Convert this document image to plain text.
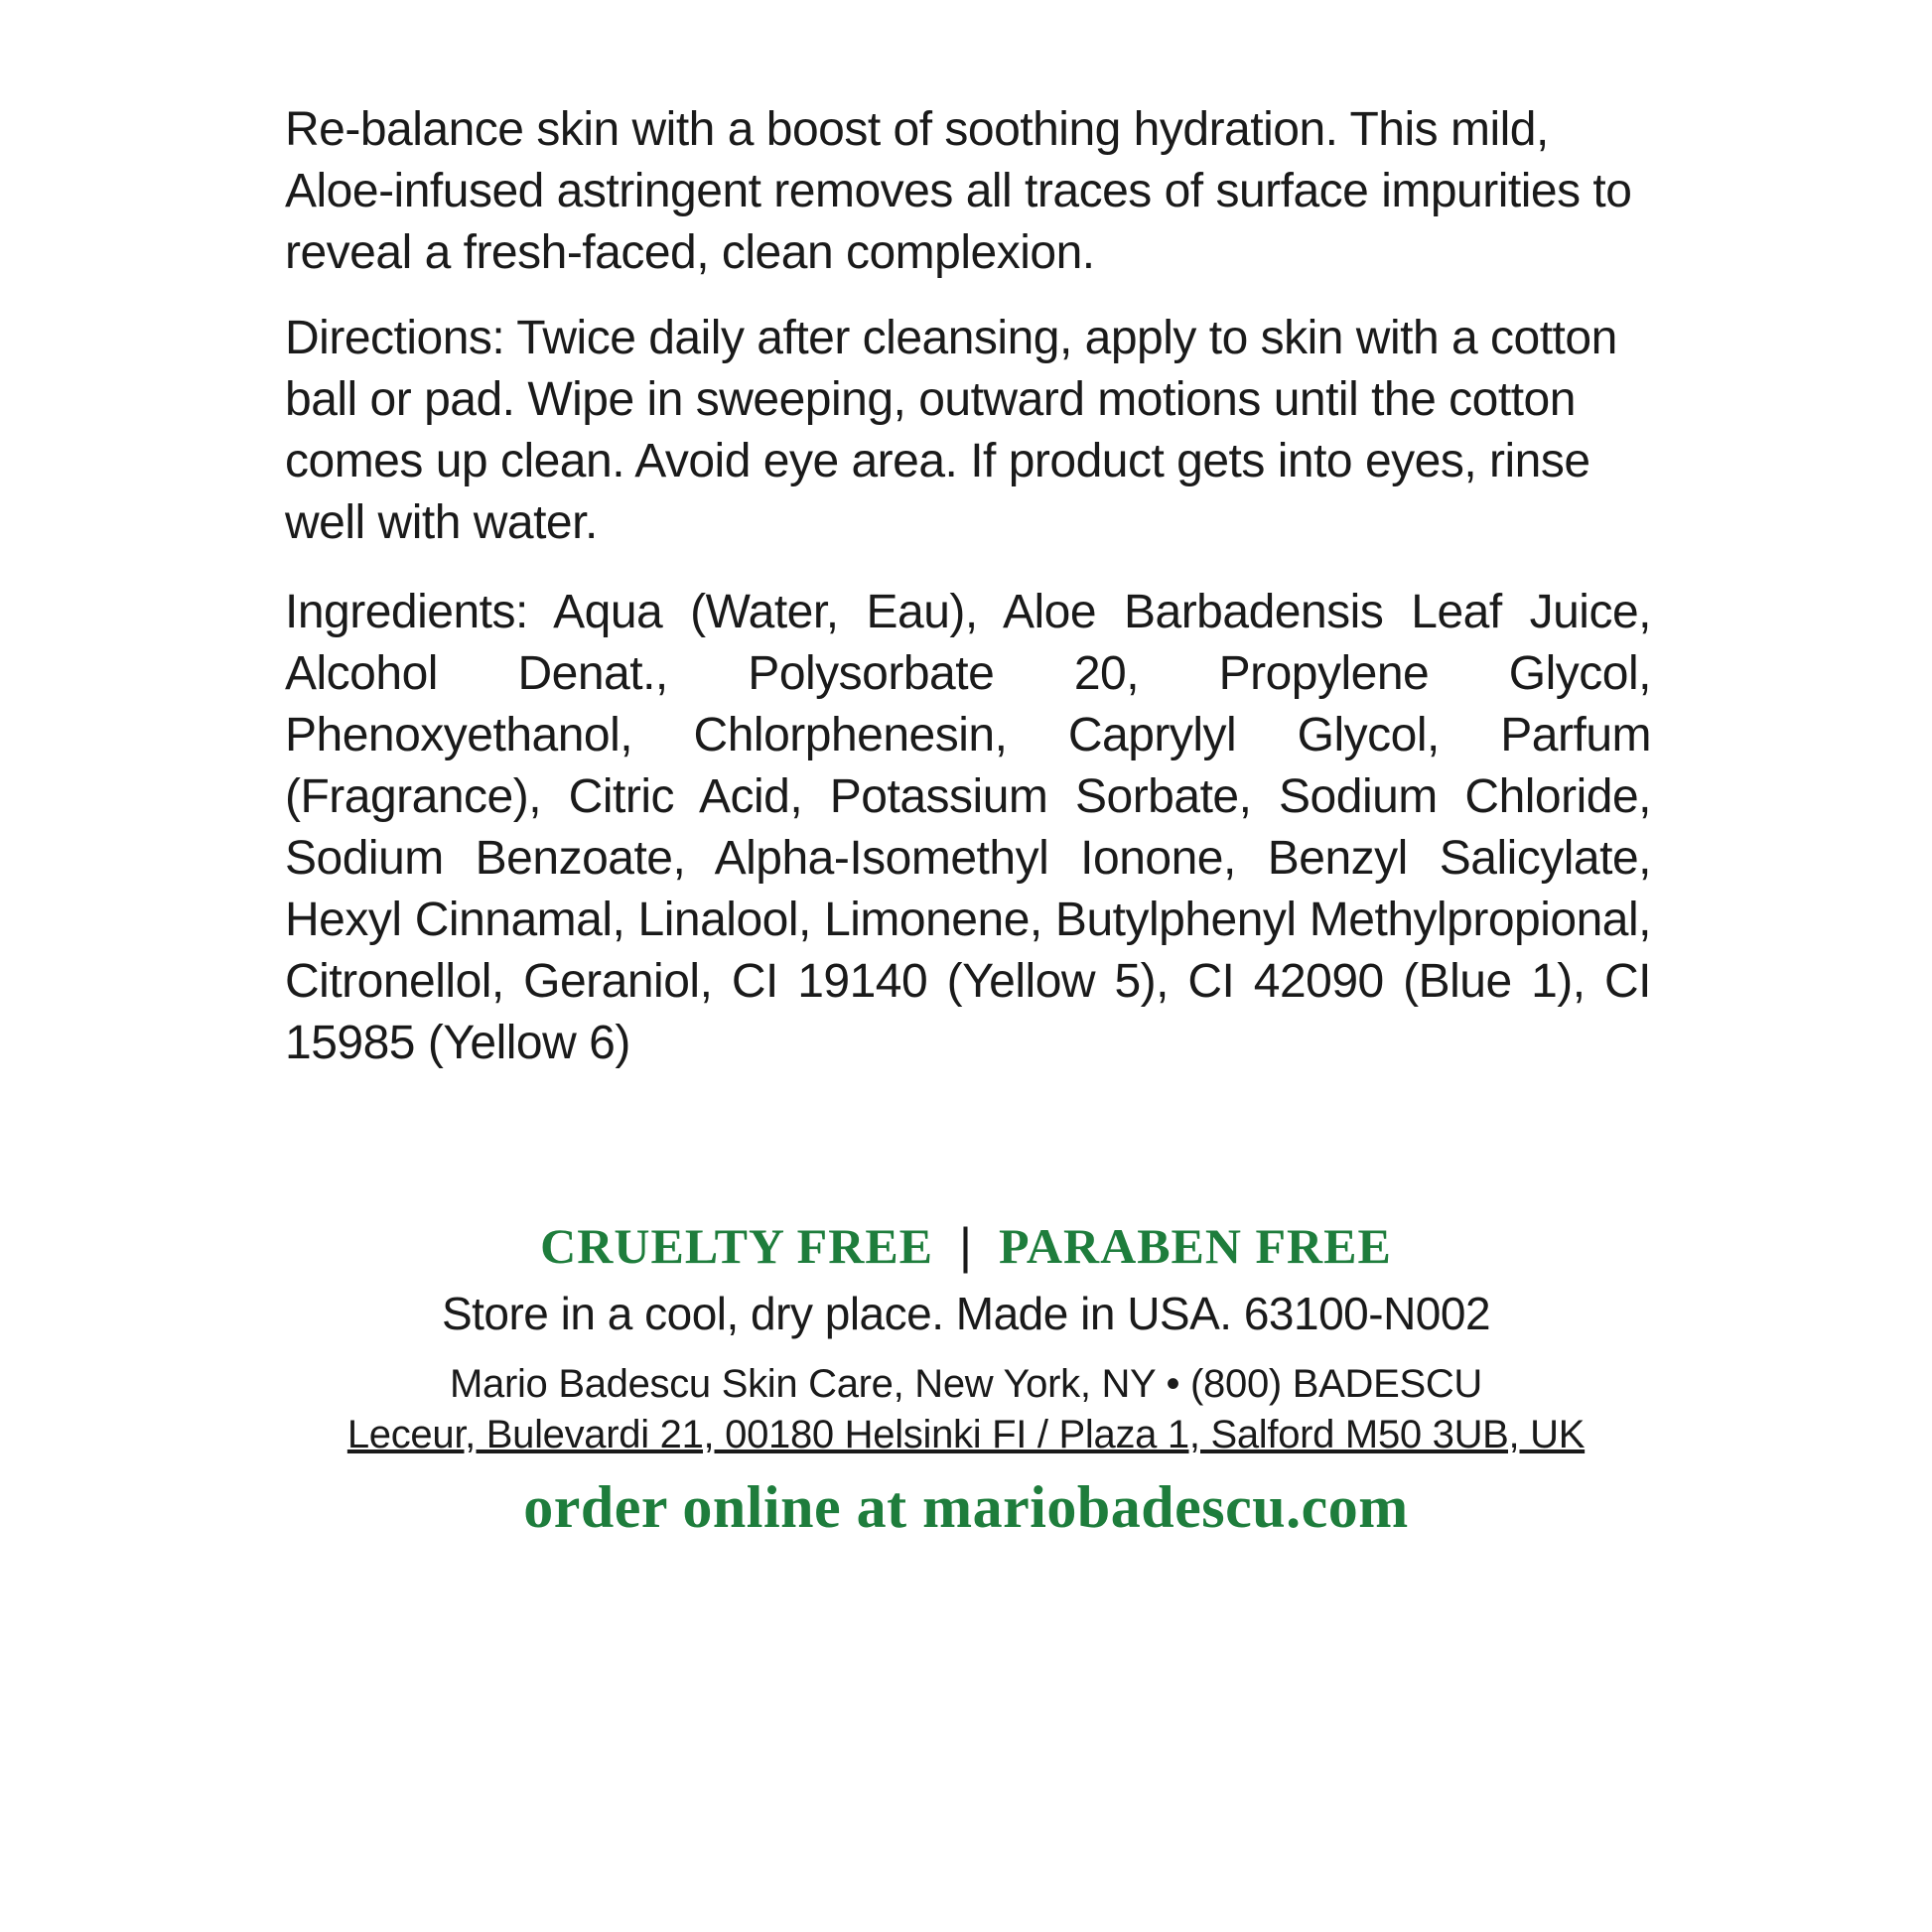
Re-balance skin with a boost of soothing hydration. This mild, Aloe-infused astringent removes all traces of surface impurities to reveal a fresh-faced, clean complexion.

Directions: Twice daily after cleansing, apply to skin with a cotton ball or pad. Wipe in sweeping, outward motions until the cotton comes up clean. Avoid eye area. If product gets into eyes, rinse well with water.

Ingredients: Aqua (Water, Eau), Aloe Barbadensis Leaf Juice, Alcohol Denat., Polysorbate 20, Propylene Glycol, Phenoxyethanol, Chlorphenesin, Caprylyl Glycol, Parfum (Fragrance), Citric Acid, Potassium Sorbate, Sodium Chloride, Sodium Benzoate, Alpha-Isomethyl Ionone, Benzyl Salicylate, Hexyl Cinnamal, Linalool, Limonene, Butylphenyl Methylpropional, Citronellol, Geraniol, CI 19140 (Yellow 5), CI 42090 (Blue 1), CI 15985 (Yellow 6)

CRUELTY FREE | PARABEN FREE
Store in a cool, dry place. Made in USA. 63100-N002
Mario Badescu Skin Care, New York, NY • (800) BADESCU
Leceur, Bulevardi 21, 00180 Helsinki FI / Plaza 1, Salford M50 3UB, UK
order online at mariobadescu.com
